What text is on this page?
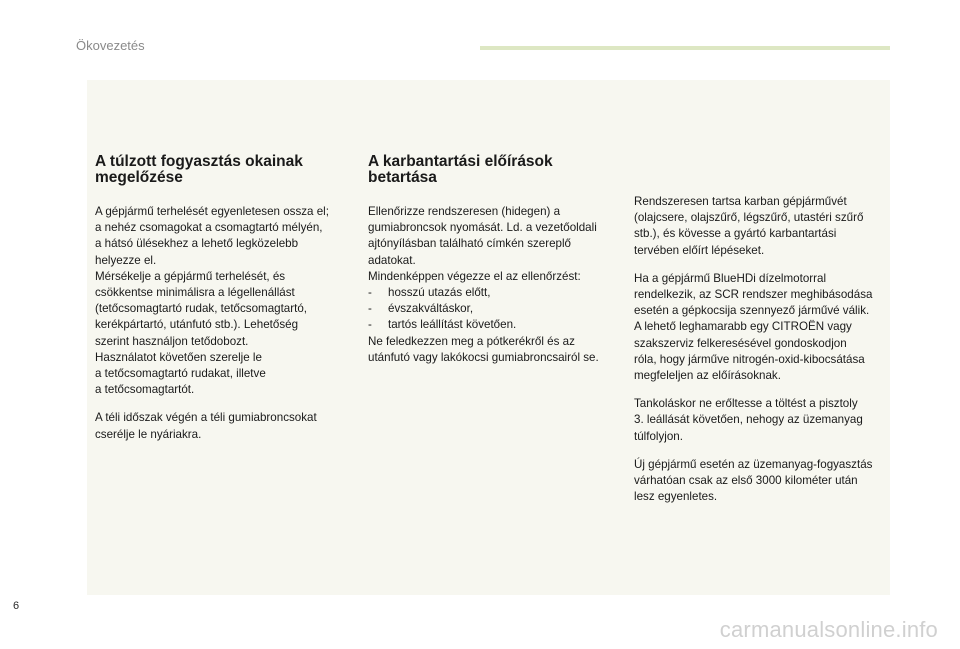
Ökovezetés
A túlzott fogyasztás okainak
megelőzése

A gépjármű terhelését egyenletesen ossza el;
a nehéz csomagokat a csomagtartó mélyén,
a hátsó ülésekhez a lehető legközelebb
helyezze el.
Mérsékelje a gépjármű terhelését, és
csökkentse minimálisra a légellenállást
(tetőcsomagtartó rudak, tetőcsomagtartó,
kerékpártartó, utánfutó stb.). Lehetőség
szerint használjon tetődobozt.
Használatot követően szerelje le
a tetőcsomagtartó rudakat, illetve
a tetőcsomagtartót.

A téli időszak végén a téli gumiabroncsokat
cserélje le nyáriakra.

A karbantartási előírások
betartása

Ellenőrizze rendszeresen (hidegen) a
gumiabroncsok nyomását. Ld. a vezetőoldali
ajtónyílásban található címkén szereplő
adatokat.
Mindenképpen végezze el az ellenőrzést:

-	hosszú utazás előtt,
-	évszakváltáskor,
-	tartós leállítást követően.

Ne feledkezzen meg a pótkerékről és az
utánfutó vagy lakókocsi gumiabroncsairól se.

Rendszeresen tartsa karban gépjárművét
(olajcsere, olajszűrő, légszűrő, utastéri szűrő
stb.), és kövesse a gyártó karbantartási
tervében előírt lépéseket.

Ha a gépjármű BlueHDi dízelmotorral
rendelkezik, az SCR rendszer meghibásodása
esetén a gépkocsija szennyező járművé válik.
A lehető leghamarabb egy CITROËN vagy
szakszerviz felkeresésével gondoskodjon
róla, hogy járműve nitrogén-oxid-kibocsátása
megfeleljen az előírásoknak.

Tankoláskor ne erőltesse a töltést a pisztoly
3. leállását követően, nehogy az üzemanyag
túlfolyjon.

Új gépjármű esetén az üzemanyag-fogyasztás
várhatóan csak az első 3000 kilométer után
lesz egyenletes.

6
carmanualsonline.info
